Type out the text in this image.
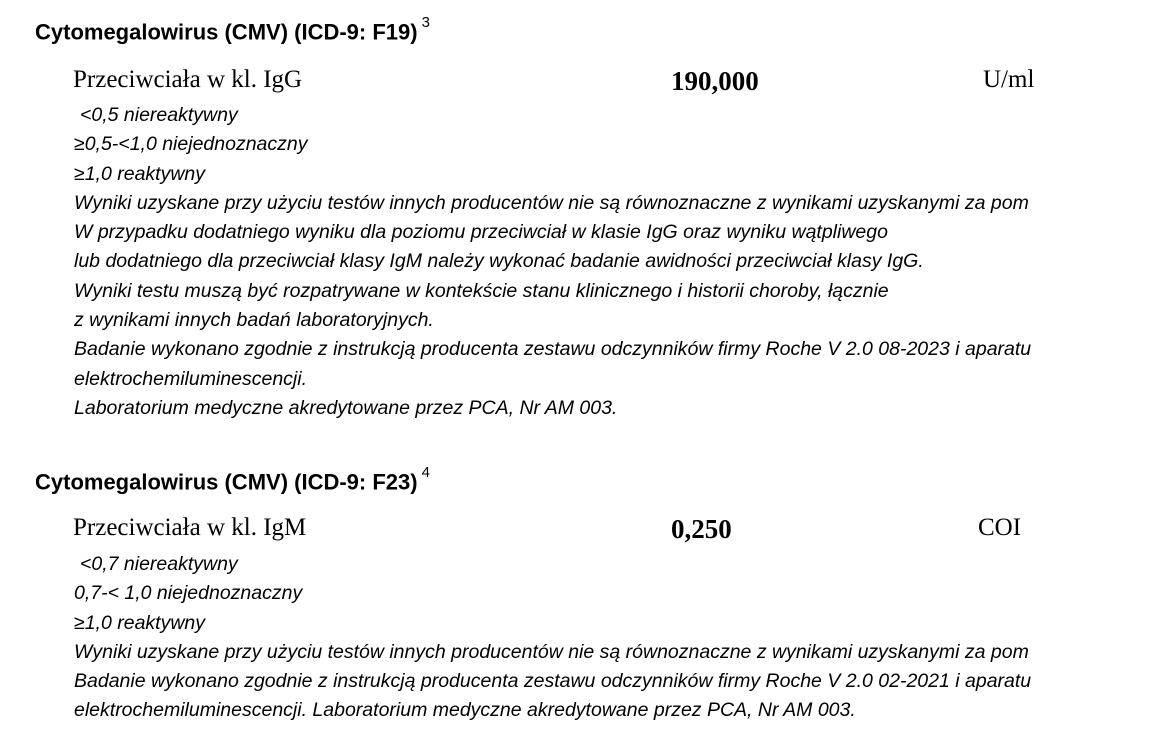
Cytomegalowirus (CMV) (ICD-9: F19) $^3$
Przeciwciała w kl. IgG	190,000	U/ml
<0,5 niereaktywny
≥0,5-<1,0 niejednoznaczny
≥1,0 reaktywny
Wyniki uzyskane przy użyciu testów innych producentów nie są równoznaczne z wynikami uzyskanymi za pom
W przypadku dodatniego wyniku dla poziomu przeciwciał w klasie IgG oraz wyniku wątpliwego
lub dodatniego dla przeciwciał klasy IgM należy wykonać badanie awidności przeciwciał klasy IgG.
Wyniki testu muszą być rozpatrywane w kontekście stanu klinicznego i historii choroby, łącznie
z wynikami innych badań laboratoryjnych.
Badanie wykonano zgodnie z instrukcją producenta zestawu odczynników firmy Roche V 2.0 08-2023 i aparatu
elektrochemiluminescencji.
Laboratorium medyczne akredytowane przez PCA, Nr AM 003.
Cytomegalowirus (CMV) (ICD-9: F23) $^4$
Przeciwciała w kl. IgM	0,250	COI
<0,7 niereaktywny
0,7-< 1,0 niejednoznaczny
≥1,0 reaktywny
Wyniki uzyskane przy użyciu testów innych producentów nie są równoznaczne z wynikami uzyskanymi za pom
Badanie wykonano zgodnie z instrukcją producenta zestawu odczynników firmy Roche V 2.0 02-2021 i aparatu
elektrochemiluminescencji. Laboratorium medyczne akredytowane przez PCA, Nr AM 003.
